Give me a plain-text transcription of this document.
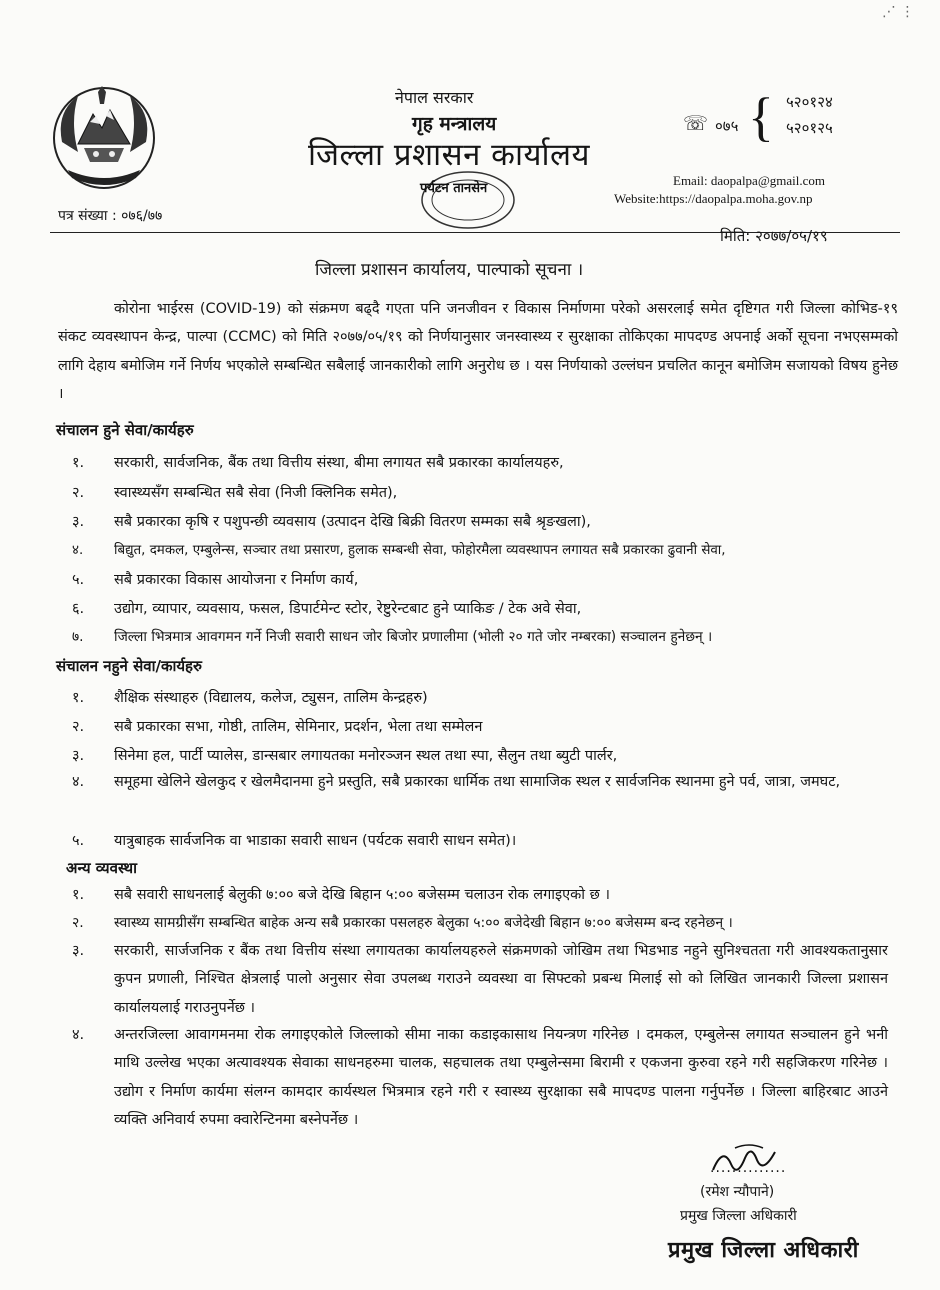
⋰ ⋮
नेपाल सरकार
गृह मन्त्रालय
जिल्ला प्रशासन कार्यालय
पर्यटन तानसेन
☏ ०७५ { ५२०१२४
५२०१२५
Email: daopalpa@gmail.com
Website:https://daopalpa.moha.gov.np
पत्र संख्या : ०७६/७७
मिति: २०७७/०५/१९
जिल्ला प्रशासन कार्यालय, पाल्पाको सूचना ।
कोरोना भाईरस (COVID-19) को संक्रमण बढ्दै गएता पनि जनजीवन र विकास निर्माणमा परेको असरलाई समेत दृष्टिगत गरी जिल्ला कोभिड-१९ संकट व्यवस्थापन केन्द्र, पाल्पा (CCMC) को मिति २०७७/०५/१९ को निर्णयानुसार जनस्वास्थ्य र सुरक्षाका तोकिएका मापदण्ड अपनाई अर्को सूचना नभएसम्मको लागि देहाय बमोजिम गर्ने निर्णय भएकोले सम्बन्धित सबैलाई जानकारीको लागि अनुरोध छ । यस निर्णयाको उल्लंघन प्रचलित कानून बमोजिम सजायको विषय हुनेछ ।
संचालन हुने सेवा/कार्यहरु
१. सरकारी, सार्वजनिक, बैंक तथा वित्तीय संस्था, बीमा लगायत सबै प्रकारका कार्यालयहरु,
२. स्वास्थ्यसँग सम्बन्धित सबै सेवा (निजी क्लिनिक समेत),
३. सबै प्रकारका कृषि र पशुपन्छी व्यवसाय (उत्पादन देखि बिक्री वितरण सम्मका सबै श्रृङखला),
४. बिद्युत, दमकल, एम्बुलेन्स, सञ्चार तथा प्रसारण, हुलाक सम्बन्धी सेवा, फोहोरमैला व्यवस्थापन लगायत सबै प्रकारका ढुवानी सेवा,
५. सबै प्रकारका विकास आयोजना र निर्माण कार्य,
६. उद्योग, व्यापार, व्यवसाय, फसल, डिपार्टमेन्ट स्टोर, रेष्टुरेन्टबाट हुने प्याकिङ / टेक अवे सेवा,
७. जिल्ला भित्रमात्र आवगमन गर्ने निजी सवारी साधन जोर बिजोर प्रणालीमा (भोली २० गते जोर नम्बरका) सञ्चालन हुनेछन् ।
संचालन नहुने सेवा/कार्यहरु
१. शैक्षिक संस्थाहरु (विद्यालय, कलेज, ट्युसन, तालिम केन्द्रहरु)
२. सबै प्रकारका सभा, गोष्ठी, तालिम, सेमिनार, प्रदर्शन, भेला तथा सम्मेलन
३. सिनेमा हल, पार्टी प्यालेस, डान्सबार लगायतका मनोरञ्जन स्थल तथा स्पा, सैलुन तथा ब्युटी पार्लर,
४.	समूहमा खेलिने खेलकुद र खेलमैदानमा हुने प्रस्तुति, सबै प्रकारका धार्मिक तथा सामाजिक स्थल र सार्वजनिक स्थानमा हुने पर्व, जात्रा, जमघट,
५. यात्रुबाहक सार्वजनिक वा भाडाका सवारी साधन (पर्यटक सवारी साधन समेत)।
अन्य व्यवस्था
१. सबै सवारी साधनलाई बेलुकी ७:०० बजे देखि बिहान ५:०० बजेसम्म चलाउन रोक लगाइएको छ ।
२. स्वास्थ्य सामग्रीसँग सम्बन्धित बाहेक अन्य सबै प्रकारका पसलहरु बेलुका ५:०० बजेदेखी बिहान ७:०० बजेसम्म बन्द रहनेछन् ।
३.	सरकारी, सार्जजनिक र बैंक तथा वित्तीय संस्था लगायतका कार्यालयहरुले संक्रमणको जोखिम तथा भिडभाड नहुने सुनिश्चतता गरी आवश्यकतानुसार कुपन प्रणाली, निश्चित क्षेत्रलाई पालो अनुसार सेवा उपलब्ध गराउने व्यवस्था वा सिफ्टको प्रबन्ध मिलाई सो को लिखित जानकारी जिल्ला प्रशासन कार्यालयलाई गराउनुपर्नेछ ।
४.	अन्तरजिल्ला आवागमनमा रोक लगाइएकोले जिल्लाको सीमा नाका कडाइकासाथ नियन्त्रण गरिनेछ । दमकल, एम्बुलेन्स लगायत सञ्चालन हुने भनी माथि उल्लेख भएका अत्यावश्यक सेवाका साधनहरुमा चालक, सहचालक तथा एम्बुलेन्समा बिरामी र एकजना कुरुवा रहने गरी सहजिकरण गरिनेछ । उद्योग र निर्माण कार्यमा संलग्न कामदार कार्यस्थल भित्रमात्र रहने गरी र स्वास्थ्य सुरक्षाका सबै मापदण्ड पालना गर्नुपर्नेछ । जिल्ला बाहिरबाट आउने व्यक्ति अनिवार्य रुपमा क्वारेन्टिनमा बस्नेपर्नेछ ।
..............
(रमेश न्यौपाने)
प्रमुख जिल्ला अधिकारी
प्रमुख जिल्ला अधिकारी
